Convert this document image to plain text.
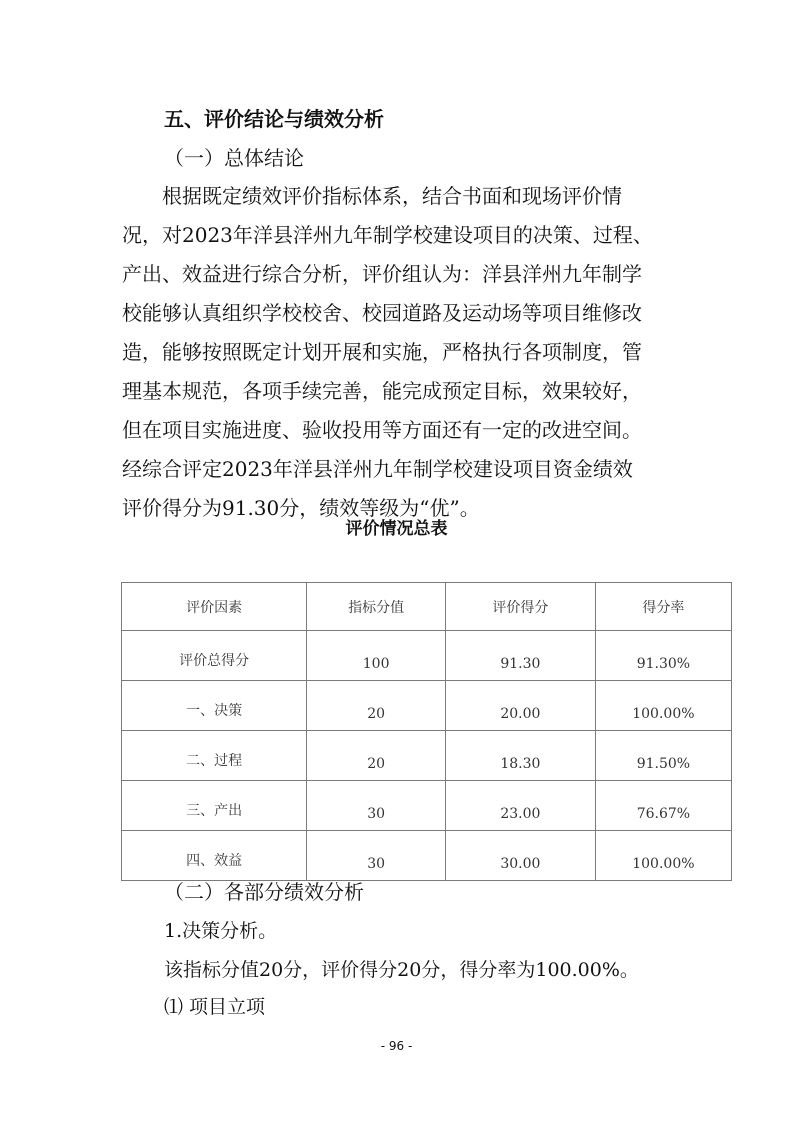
五、评价结论与绩效分析
（一）总体结论
　　根据既定绩效评价指标体系，结合书面和现场评价情
况，对2023年洋县洋州九年制学校建设项目的决策、过程、
产出、效益进行综合分析，评价组认为：洋县洋州九年制学
校能够认真组织学校校舍、校园道路及运动场等项目维修改
造，能够按照既定计划开展和实施，严格执行各项制度，管
理基本规范，各项手续完善，能完成预定目标，效果较好，
但在项目实施进度、验收投用等方面还有一定的改进空间。
经综合评定2023年洋县洋州九年制学校建设项目资金绩效
评价得分为91.30分，绩效等级为“优”。
评价情况总表
评价因素	指标分值	评价得分	得分率
评价总得分	100	91.30	91.30%
一、决策	20	20.00	100.00%
二、过程	20	18.30	91.50%
三、产出	30	23.00	76.67%
四、效益	30	30.00	100.00%
（二）各部分绩效分析
1.决策分析。
该指标分值20分，评价得分20分，得分率为100.00%。
⑴ 项目立项
- 96 -
